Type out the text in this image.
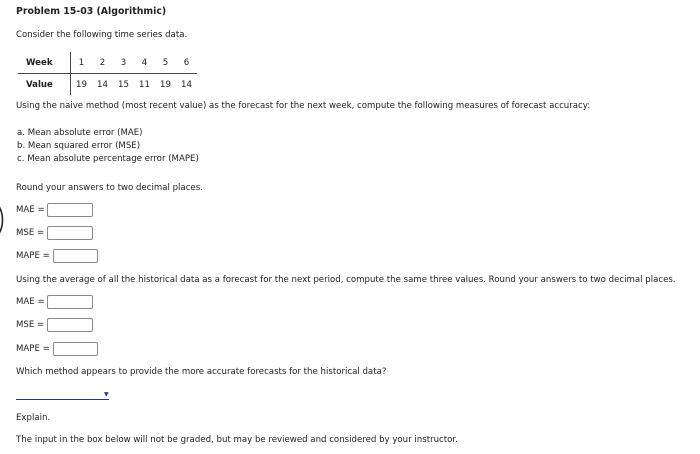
Problem 15-03 (Algorithmic)
Consider the following time series data.
Week	1	2	3	4	5	6
Value	19	14	15	11	19	14
Using the naive method (most recent value) as the forecast for the next week, compute the following measures of forecast accuracy:
a. Mean absolute error (MAE)
b. Mean squared error (MSE)
c. Mean absolute percentage error (MAPE)
Round your answers to two decimal places.
MAE =
MSE =
MAPE =
Using the average of all the historical data as a forecast for the next period, compute the same three values. Round your answers to two decimal places.
MAE =
MSE =
MAPE =
Which method appears to provide the more accurate forecasts for the historical data?
▼
Explain.
The input in the box below will not be graded, but may be reviewed and considered by your instructor.
